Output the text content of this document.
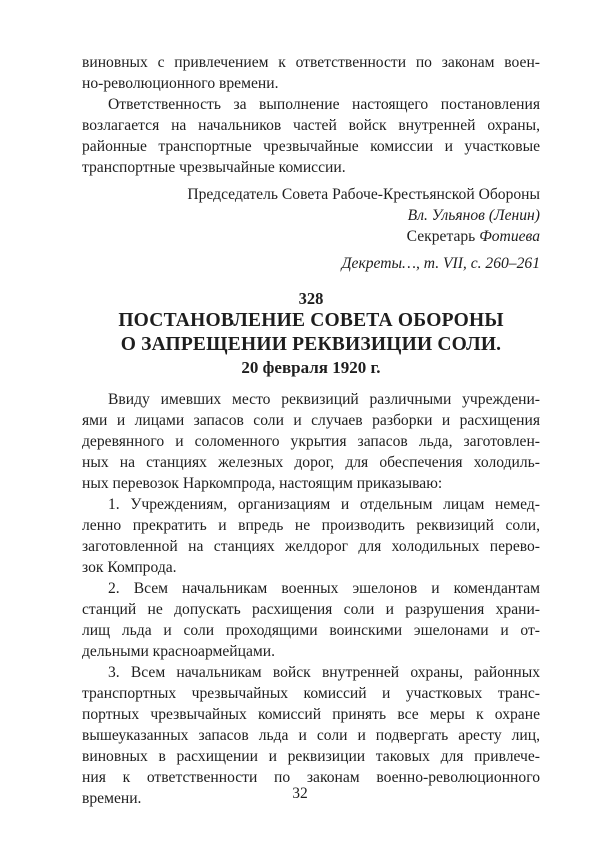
виновных с привлечением к ответственности по законам воен-
но-революционного времени.
Ответственность за выполнение настоящего постановления
возлагается на начальников частей войск внутренней охраны,
районные транспортные чрезвычайные комиссии и участковые
транспортные чрезвычайные комиссии.
Председатель Совета Рабоче-Крестьянской Обороны
Вл. Ульянов (Ленин)
Секретарь Фотиева
Декреты…, т. VII, с. 260–261
328
ПОСТАНОВЛЕНИЕ СОВЕТА ОБОРОНЫ
О ЗАПРЕЩЕНИИ РЕКВИЗИЦИИ СОЛИ.
20 февраля 1920 г.
Ввиду имевших место реквизиций различными учреждени-
ями и лицами запасов соли и случаев разборки и расхищения
деревянного и соломенного укрытия запасов льда, заготовлен-
ных на станциях железных дорог, для обеспечения холодиль-
ных перевозок Наркомпрода, настоящим приказываю:
1. Учреждениям, организациям и отдельным лицам немед-
ленно прекратить и впредь не производить реквизиций соли,
заготовленной на станциях желдорог для холодильных перево-
зок Компрода.
2. Всем начальникам военных эшелонов и комендантам
станций не допускать расхищения соли и разрушения храни-
лищ льда и соли проходящими воинскими эшелонами и от-
дельными красноармейцами.
3. Всем начальникам войск внутренней охраны, районных
транспортных чрезвычайных комиссий и участковых транс-
портных чрезвычайных комиссий принять все меры к охране
вышеуказанных запасов льда и соли и подвергать аресту лиц,
виновных в расхищении и реквизиции таковых для привлече-
ния к ответственности по законам военно-революционного
времени.	32
